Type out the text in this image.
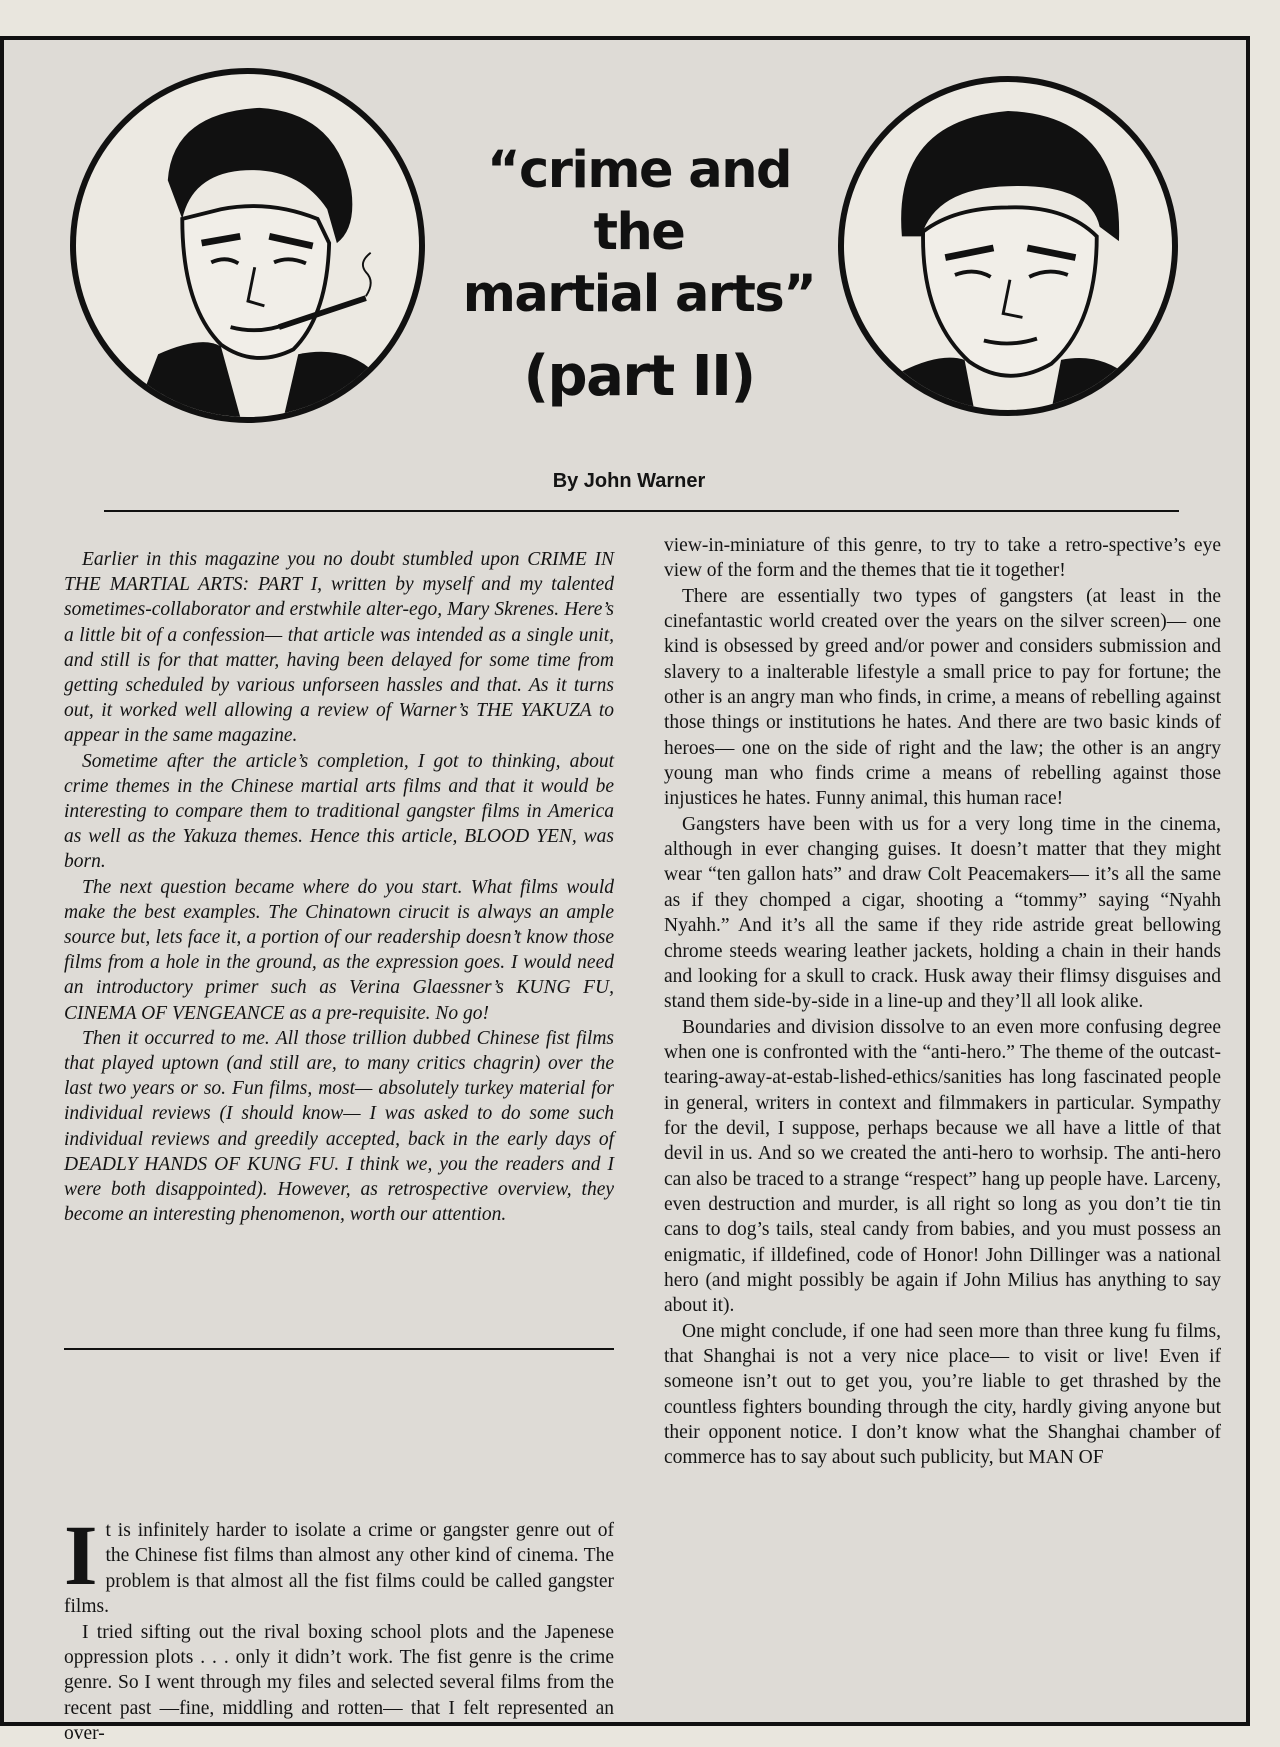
“crime and
the
martial arts”
(part II)
By John Warner

Earlier in this magazine you no doubt stumbled upon CRIME IN THE MARTIAL ARTS: PART I, written by myself and my talented sometimes-collaborator and erstwhile alter-ego, Mary Skrenes. Here’s a little bit of a confession— that article was intended as a single unit, and still is for that matter, having been delayed for some time from getting scheduled by various unforseen hassles and that. As it turns out, it worked well allowing a review of Warner’s THE YAKUZA to appear in the same magazine.

Sometime after the article’s completion, I got to thinking, about crime themes in the Chinese martial arts films and that it would be interesting to compare them to traditional gangster films in America as well as the Yakuza themes. Hence this article, BLOOD YEN, was born.

The next question became where do you start. What films would make the best examples. The Chinatown cirucit is always an ample source but, lets face it, a portion of our readership doesn’t know those films from a hole in the ground, as the expression goes. I would need an introductory primer such as Verina Glaessner’s KUNG FU, CINEMA OF VENGEANCE as a pre-requisite. No go!

Then it occurred to me. All those trillion dubbed Chinese fist films that played uptown (and still are, to many critics chagrin) over the last two years or so. Fun films, most— absolutely turkey material for individual reviews (I should know— I was asked to do some such individual reviews and greedily accepted, back in the early days of DEADLY HANDS OF KUNG FU. I think we, you the readers and I were both disappointed). However, as retrospective overview, they become an interesting phenomenon, worth our attention.

It is infinitely harder to isolate a crime or gangster genre out of the Chinese fist films than almost any other kind of cinema. The problem is that almost all the fist films could be called gangster films.

I tried sifting out the rival boxing school plots and the Japenese oppression plots . . . only it didn’t work. The fist genre is the crime genre. So I went through my files and selected several films from the recent past —fine, middling and rotten— that I felt represented an over-

view-in-miniature of this genre, to try to take a retro-spective’s eye view of the form and the themes that tie it together!

There are essentially two types of gangsters (at least in the cinefantastic world created over the years on the silver screen)— one kind is obsessed by greed and/or power and considers submission and slavery to a inalterable lifestyle a small price to pay for fortune; the other is an angry man who finds, in crime, a means of rebelling against those things or institutions he hates. And there are two basic kinds of heroes— one on the side of right and the law; the other is an angry young man who finds crime a means of rebelling against those injustices he hates. Funny animal, this human race!

Gangsters have been with us for a very long time in the cinema, although in ever changing guises. It doesn’t matter that they might wear “ten gallon hats” and draw Colt Peacemakers— it’s all the same as if they chomped a cigar, shooting a “tommy” saying “Nyahh Nyahh.” And it’s all the same if they ride astride great bellowing chrome steeds wearing leather jackets, holding a chain in their hands and looking for a skull to crack. Husk away their flimsy disguises and stand them side-by-side in a line-up and they’ll all look alike.

Boundaries and division dissolve to an even more confusing degree when one is confronted with the “anti-hero.” The theme of the outcast-tearing-away-at-estab-lished-ethics/sanities has long fascinated people in general, writers in context and filmmakers in particular. Sympathy for the devil, I suppose, perhaps because we all have a little of that devil in us. And so we created the anti-hero to worhsip. The anti-hero can also be traced to a strange “respect” hang up people have. Larceny, even destruction and murder, is all right so long as you don’t tie tin cans to dog’s tails, steal candy from babies, and you must possess an enigmatic, if illdefined, code of Honor! John Dillinger was a national hero (and might possibly be again if John Milius has anything to say about it).

One might conclude, if one had seen more than three kung fu films, that Shanghai is not a very nice place— to visit or live! Even if someone isn’t out to get you, you’re liable to get thrashed by the countless fighters bounding through the city, hardly giving anyone but their opponent notice. I don’t know what the Shanghai chamber of commerce has to say about such publicity, but MAN OF
